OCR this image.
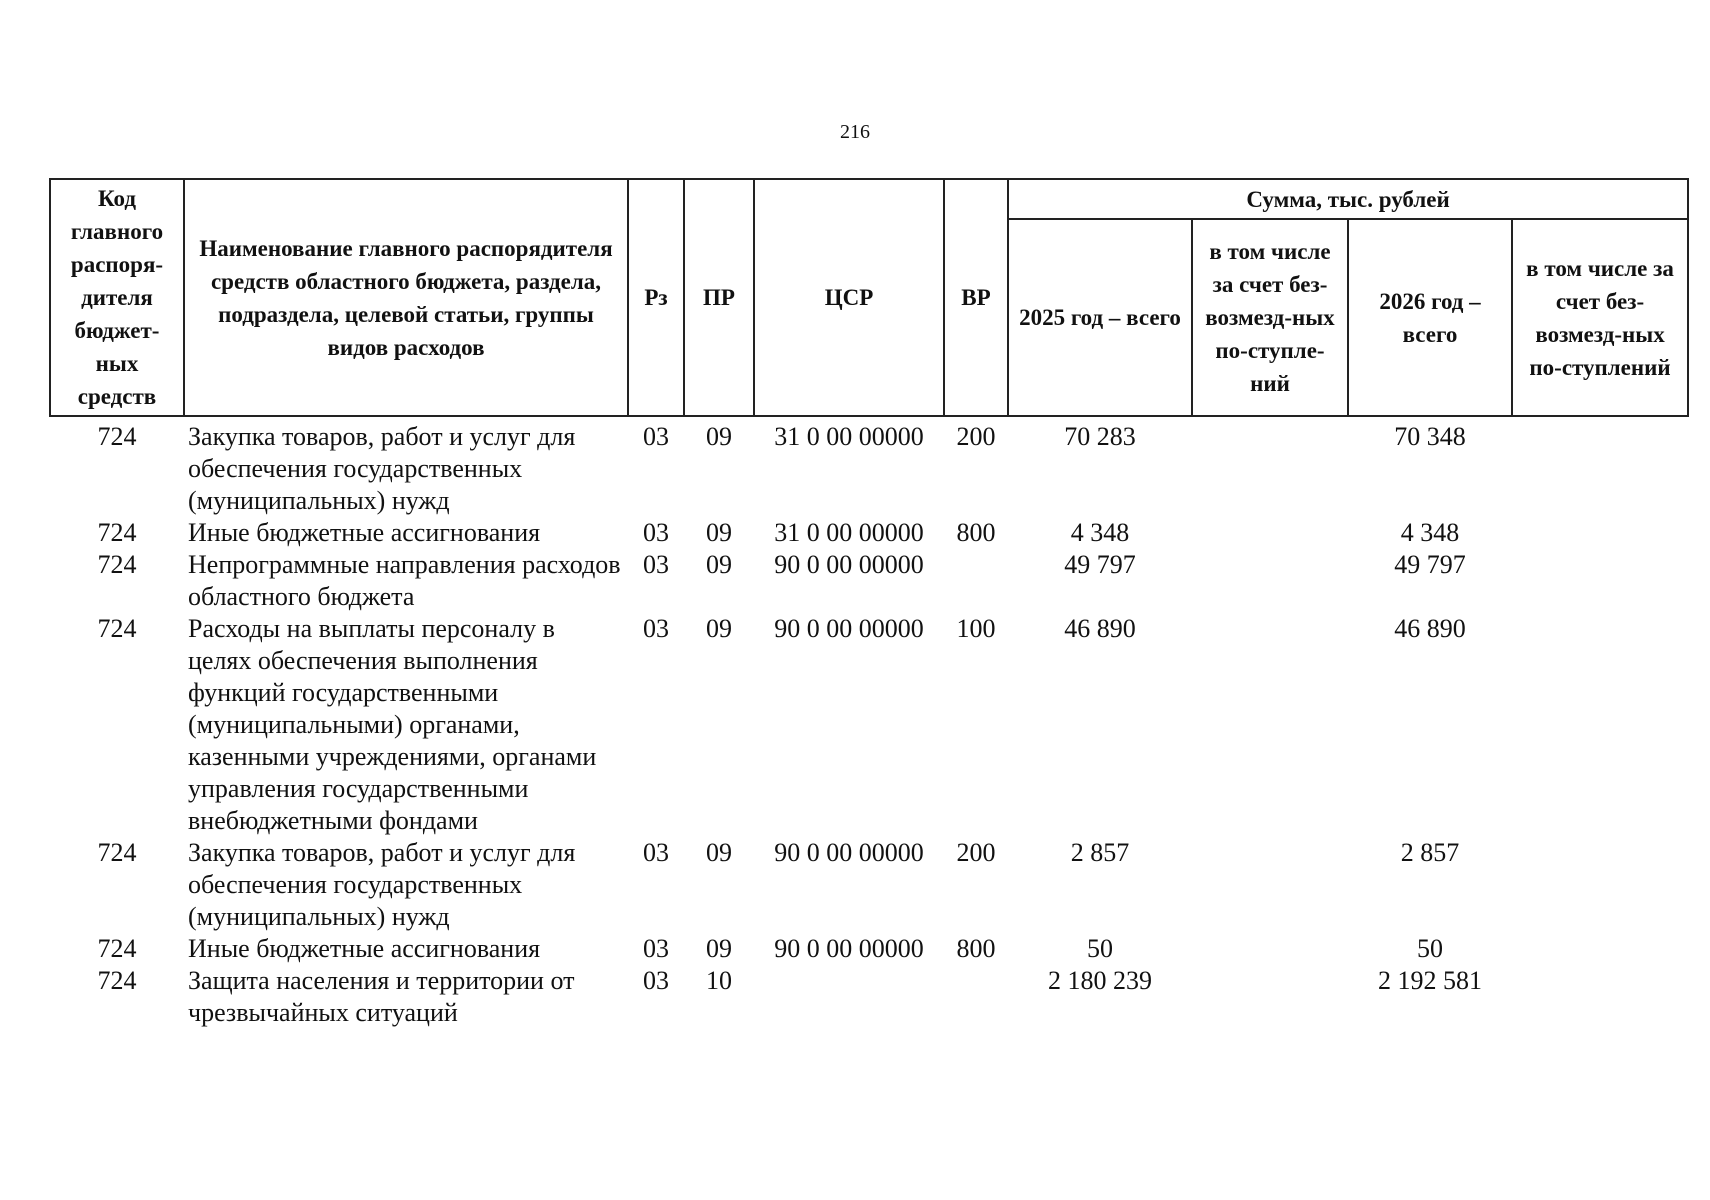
216
Код главного распоря-дителя бюджет-ных средств	Наименование главного распорядителя средств областного бюджета, раздела, подраздела, целевой статьи, группы видов расходов	Рз	ПР	ЦСР	ВР	Сумма, тыс. рублей			
						2025 год – всего	в том числе за счет без-возмезд-ных по-ступле-ний	2026 год – всего	в том числе за счет без-возмезд-ных по-ступлений
724	Закупка товаров, работ и услуг для обеспечения государственных (муниципальных) нужд	03	09	31 0 00 00000	200	70 283		70 348	
724	Иные бюджетные ассигнования	03	09	31 0 00 00000	800	4 348		4 348	
724	Непрограммные направления расходов областного бюджета	03	09	90 0 00 00000		49 797		49 797	
724	Расходы на выплаты персоналу в целях обеспечения выполнения функций государственными (муниципальными) органами, казенными учреждениями, органами управления государственными внебюджетными фондами	03	09	90 0 00 00000	100	46 890		46 890	
724	Закупка товаров, работ и услуг для обеспечения государственных (муниципальных) нужд	03	09	90 0 00 00000	200	2 857		2 857	
724	Иные бюджетные ассигнования	03	09	90 0 00 00000	800	50		50	
724	Защита населения и территории от чрезвычайных ситуаций	03	10			2 180 239		2 192 581	
